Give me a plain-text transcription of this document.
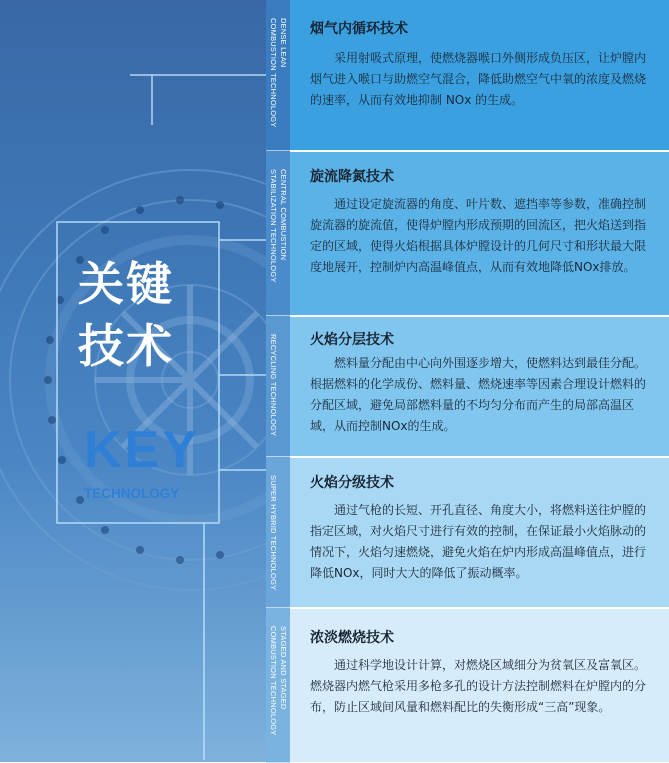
关键
技术
KEY
TECHNOLOGY
DENSE LEAN
COMBUSTION TECHNOLOGY
CENTRAL COMBUSTION
STABILIZATION TECHNOLOGY
RECYCLING TECHNOLOGY
SUPER HYBRID TECHNOLOGY
STAGED AND STAGED
COMBUSTION TECHNOLOGY
烟气内循环技术

采用射吸式原理，使燃烧器喉口外侧形成负压区，让炉膛内烟气进入喉口与助燃空气混合，降低助燃空气中氧的浓度及燃烧的速率，从而有效地抑制 NOx 的生成。

旋流降氮技术

通过设定旋流器的角度、叶片数、遮挡率等参数，准确控制旋流器的旋流值，使得炉膛内形成预期的回流区，把火焰送到指定的区域，使得火焰根据具体炉膛设计的几何尺寸和形状最大限度地展开，控制炉内高温峰值点，从而有效地降低NOx排放。

火焰分层技术

燃料量分配由中心向外围逐步增大，使燃料达到最佳分配。根据燃料的化学成份、燃料量、燃烧速率等因素合理设计燃料的分配区域，避免局部燃料量的不均匀分布而产生的局部高温区域，从而控制NOx的生成。

火焰分级技术

通过气枪的长短、开孔直径、角度大小，将燃料送往炉膛的指定区域，对火焰尺寸进行有效的控制，在保证最小火焰脉动的情况下，火焰匀速燃烧，避免火焰在炉内形成高温峰值点，进行降低NOx，同时大大的降低了振动概率。

浓淡燃烧技术

通过科学地设计计算，对燃烧区域细分为贫氧区及富氧区。燃烧器内燃气枪采用多枪多孔的设计方法控制燃料在炉膛内的分布，防止区域间风量和燃料配比的失衡形成“三高”现象。
